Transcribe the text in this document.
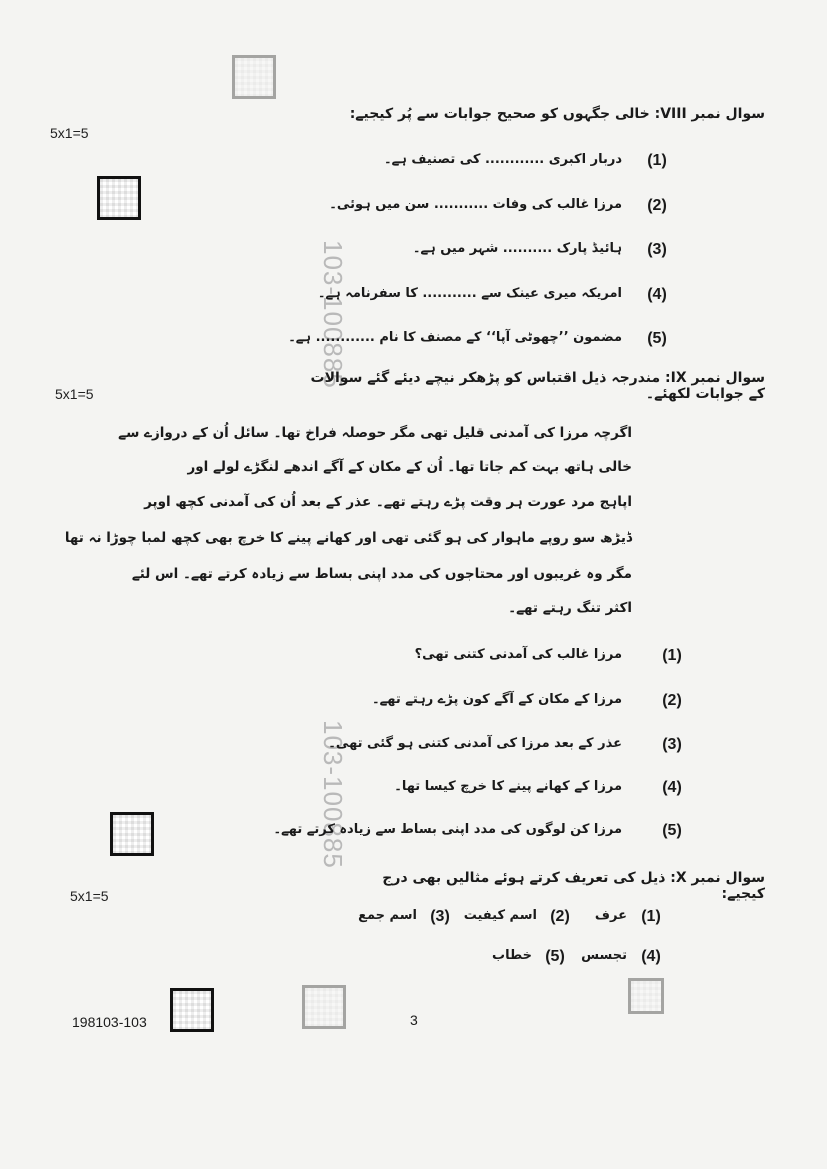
103-100885
103-100885
5x1=5
5x1=5
5x1=5
سوال نمبر VIII: خالی جگہوں کو صحیح جوابات سے پُر کیجیے:
(1)
دربار اکبری ............ کی تصنیف ہے۔
(2)
مرزا غالب کی وفات ........... سن میں ہوئی۔
(3)
ہائیڈ پارک .......... شہر میں ہے۔
(4)
امریکہ میری عینک سے ........... کا سفرنامہ ہے۔
(5)
مضمون ’’چھوٹی آپا‘‘ کے مصنف کا نام ............ ہے۔
سوال نمبر IX: مندرجہ ذیل اقتباس کو پڑھکر نیچے دیئے گئے سوالات کے جوابات لکھئے۔
اگرچہ مرزا کی آمدنی قلیل تھی مگر حوصلہ فراخ تھا۔ سائل اُن کے دروازے سے
خالی ہاتھ بہت کم جاتا تھا۔ اُن کے مکان کے آگے اندھے لنگڑے لولے اور
اپاہج مرد عورت ہر وقت پڑے رہتے تھے۔ عذر کے بعد اُن کی آمدنی کچھ اوپر
ڈیڑھ سو روپے ماہوار کی ہو گئی تھی اور کھانے پینے کا خرچ بھی کچھ لمبا چوڑا نہ تھا
مگر وہ غریبوں اور محتاجوں کی مدد اپنی بساط سے زیادہ کرتے تھے۔ اس لئے
اکثر تنگ رہتے تھے۔
(1)
مرزا غالب کی آمدنی کتنی تھی؟
(2)
مرزا کے مکان کے آگے کون پڑے رہتے تھے۔
(3)
عذر کے بعد مرزا کی آمدنی کتنی ہو گئی تھی۔
(4)
مرزا کے کھانے پینے کا خرچ کیسا تھا۔
(5)
مرزا کن لوگوں کی مدد اپنی بساط سے زیادہ کرتے تھے۔
سوال نمبر X: ذیل کی تعریف کرتے ہوئے مثالیں بھی درج کیجیے:
(1)
عرف
(2)
اسم کیفیت
(3)
اسم جمع
(4)
تجسس
(5)
خطاب
198103-103	3
